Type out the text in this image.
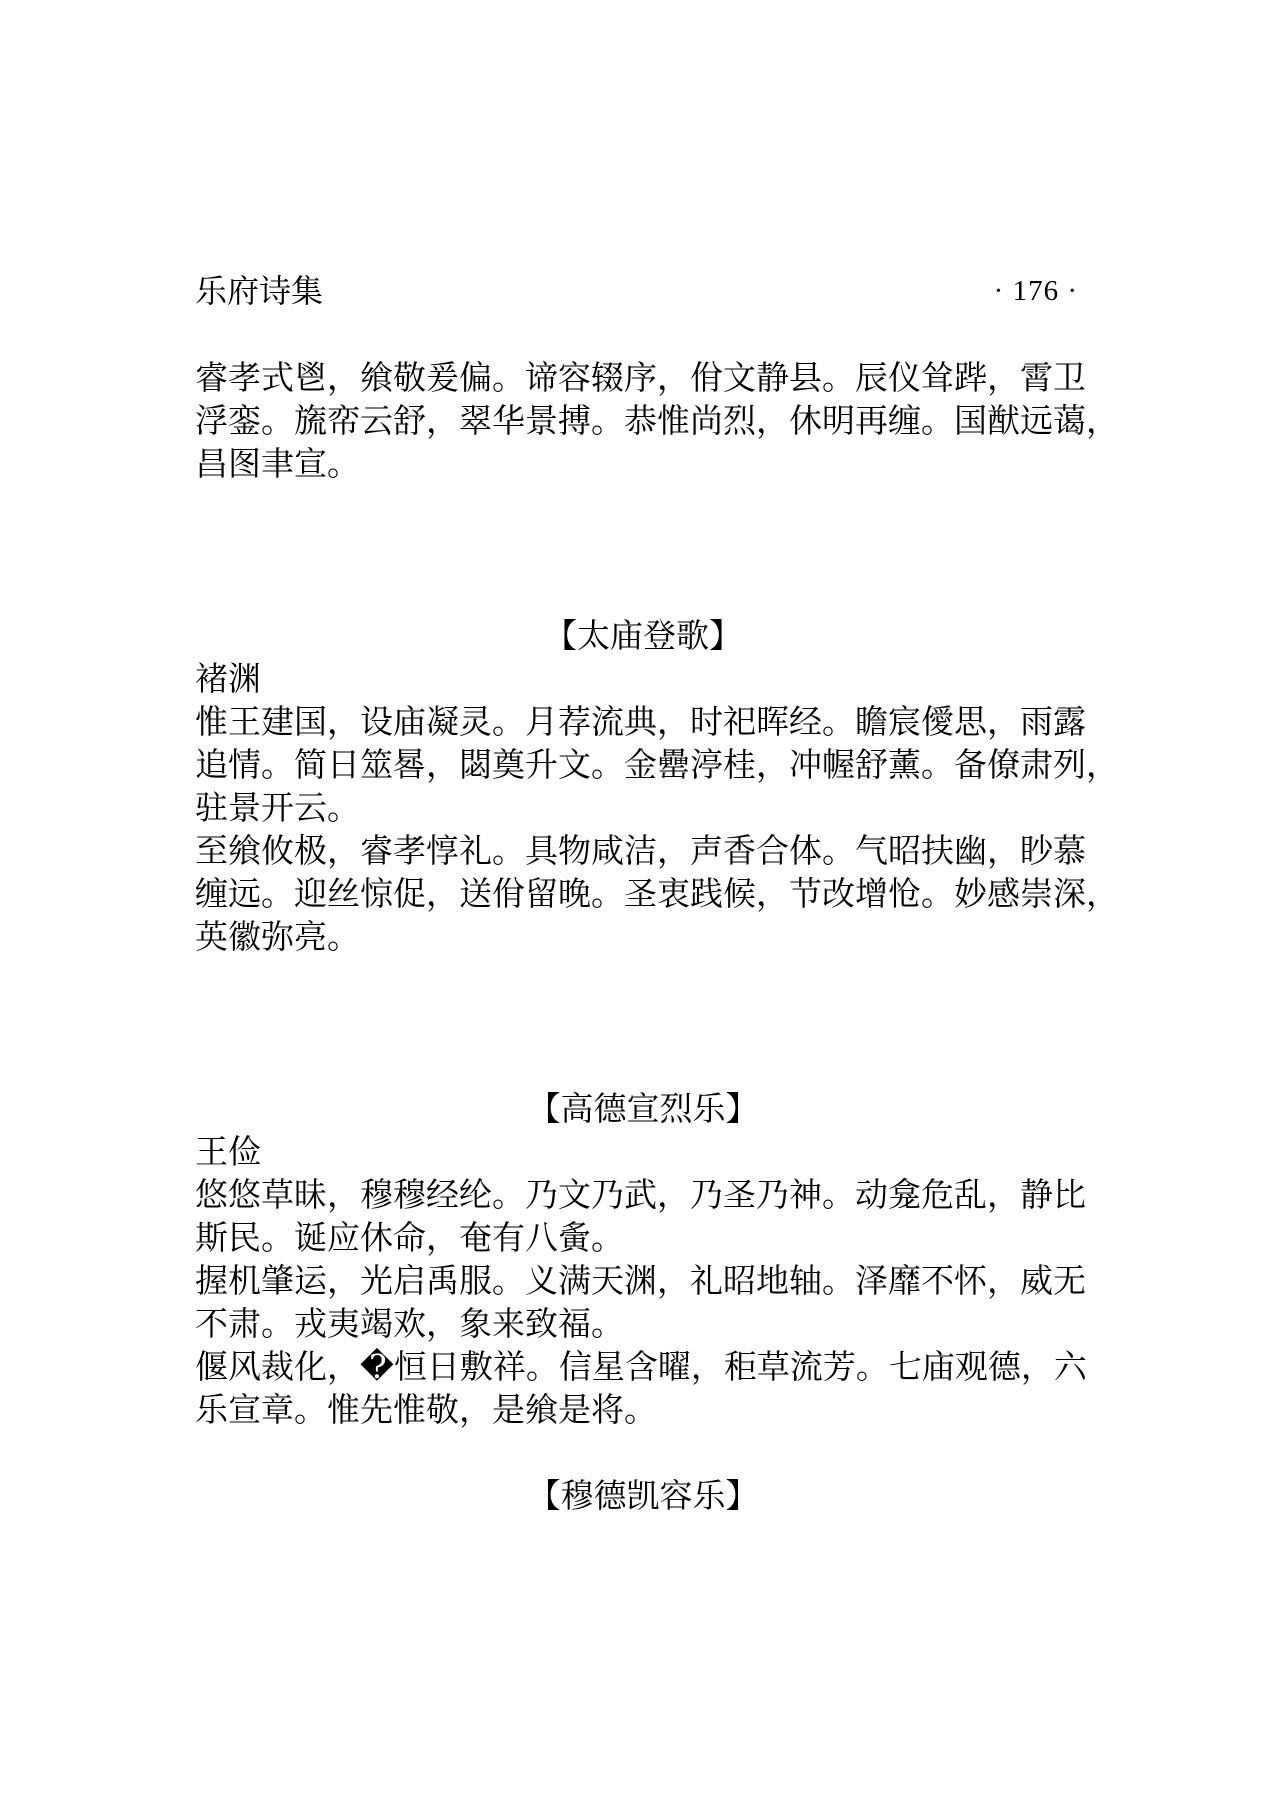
乐府诗集	· 176 ·
睿孝式鬯，飨敬爰偏。谛容辍序，佾文静县。辰仪耸跸，霄卫
浮銮。旒帟云舒，翠华景搏。恭惟尚烈，休明再缠。国猷远蔼，
昌图聿宣。
【太庙登歌】
褚渊
惟王建国，设庙凝灵。月荐流典，时祀晖经。瞻宸僾思，雨露
追情。简日筮晷，閟奠升文。金罍渟桂，冲幄舒薰。备僚肃列，
驻景开云。
至飨攸极，睿孝惇礼。具物咸洁，声香合体。气昭扶幽，眇慕
缠远。迎丝惊促，送佾留晚。圣衷践候，节改增怆。妙感崇深，
英徽弥亮。
【高德宣烈乐】
王俭
悠悠草昧，穆穆经纶。乃文乃武，乃圣乃神。动龛危乱，静比
斯民。诞应休命，奄有八夤。
握机肇运，光启禹服。义满天渊，礼昭地轴。泽靡不怀，威无
不肃。戎夷竭欢，象来致福。
偃风裁化，�恒日敷祥。信星含曜，秬草流芳。七庙观德，六
乐宣章。惟先惟敬，是飨是将。
【穆德凯容乐】
